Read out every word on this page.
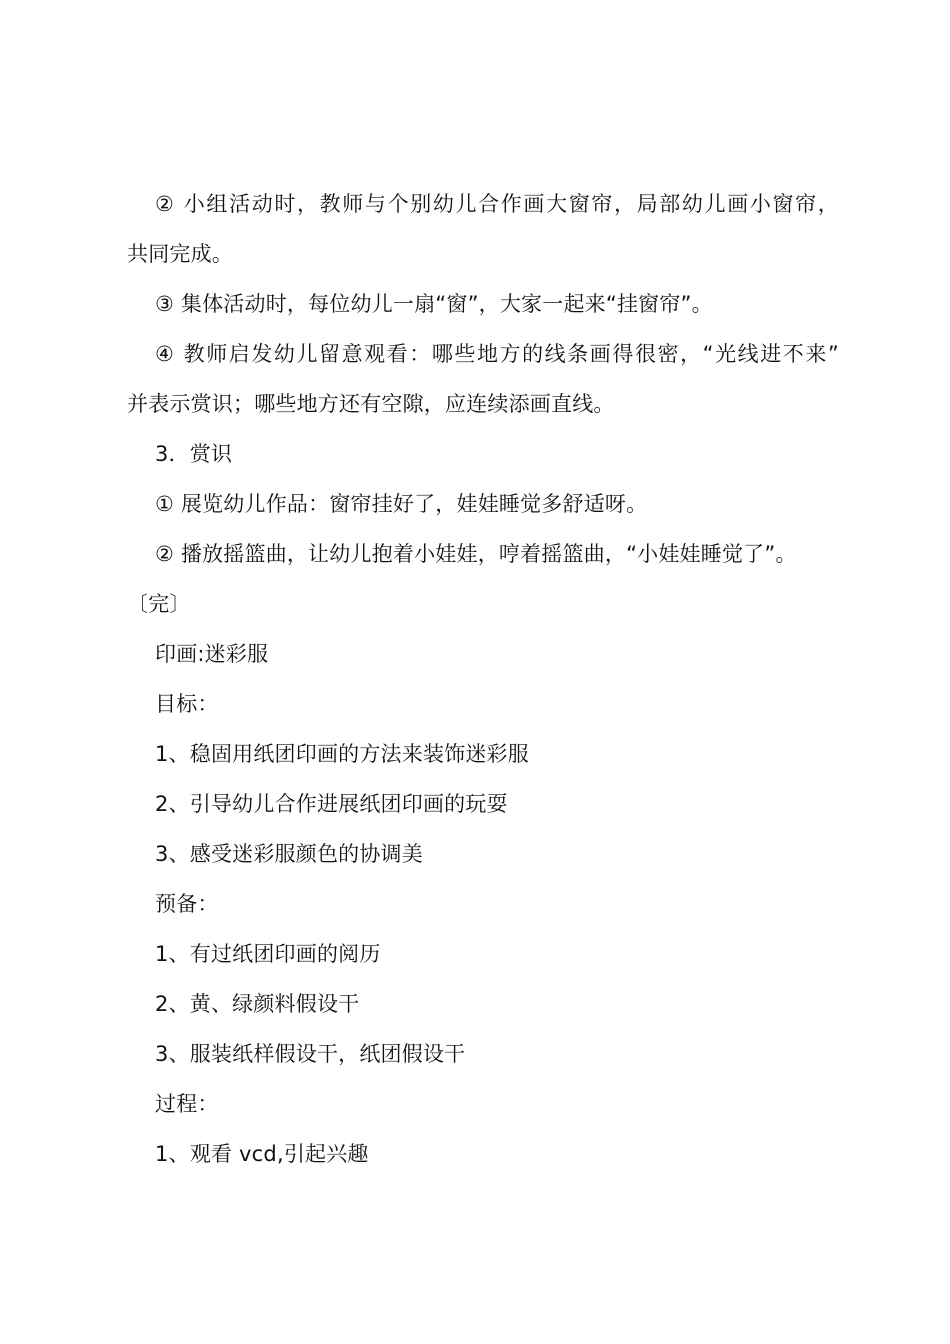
② 小组活动时，教师与个别幼儿合作画大窗帘，局部幼儿画小窗帘，

共同完成。

③ 集体活动时，每位幼儿一扇“窗”，大家一起来“挂窗帘”。

④ 教师启发幼儿留意观看：哪些地方的线条画得很密，“光线进不来”

并表示赏识；哪些地方还有空隙，应连续添画直线。

3．赏识

① 展览幼儿作品：窗帘挂好了，娃娃睡觉多舒适呀。

② 播放摇篮曲，让幼儿抱着小娃娃，哼着摇篮曲，“小娃娃睡觉了”。

〔完〕

印画:迷彩服

目标：

1、稳固用纸团印画的方法来装饰迷彩服

2、引导幼儿合作进展纸团印画的玩耍

3、感受迷彩服颜色的协调美

预备：

1、有过纸团印画的阅历

2、黄、绿颜料假设干

3、服装纸样假设干，纸团假设干

过程：

1、观看 vcd,引起兴趣
